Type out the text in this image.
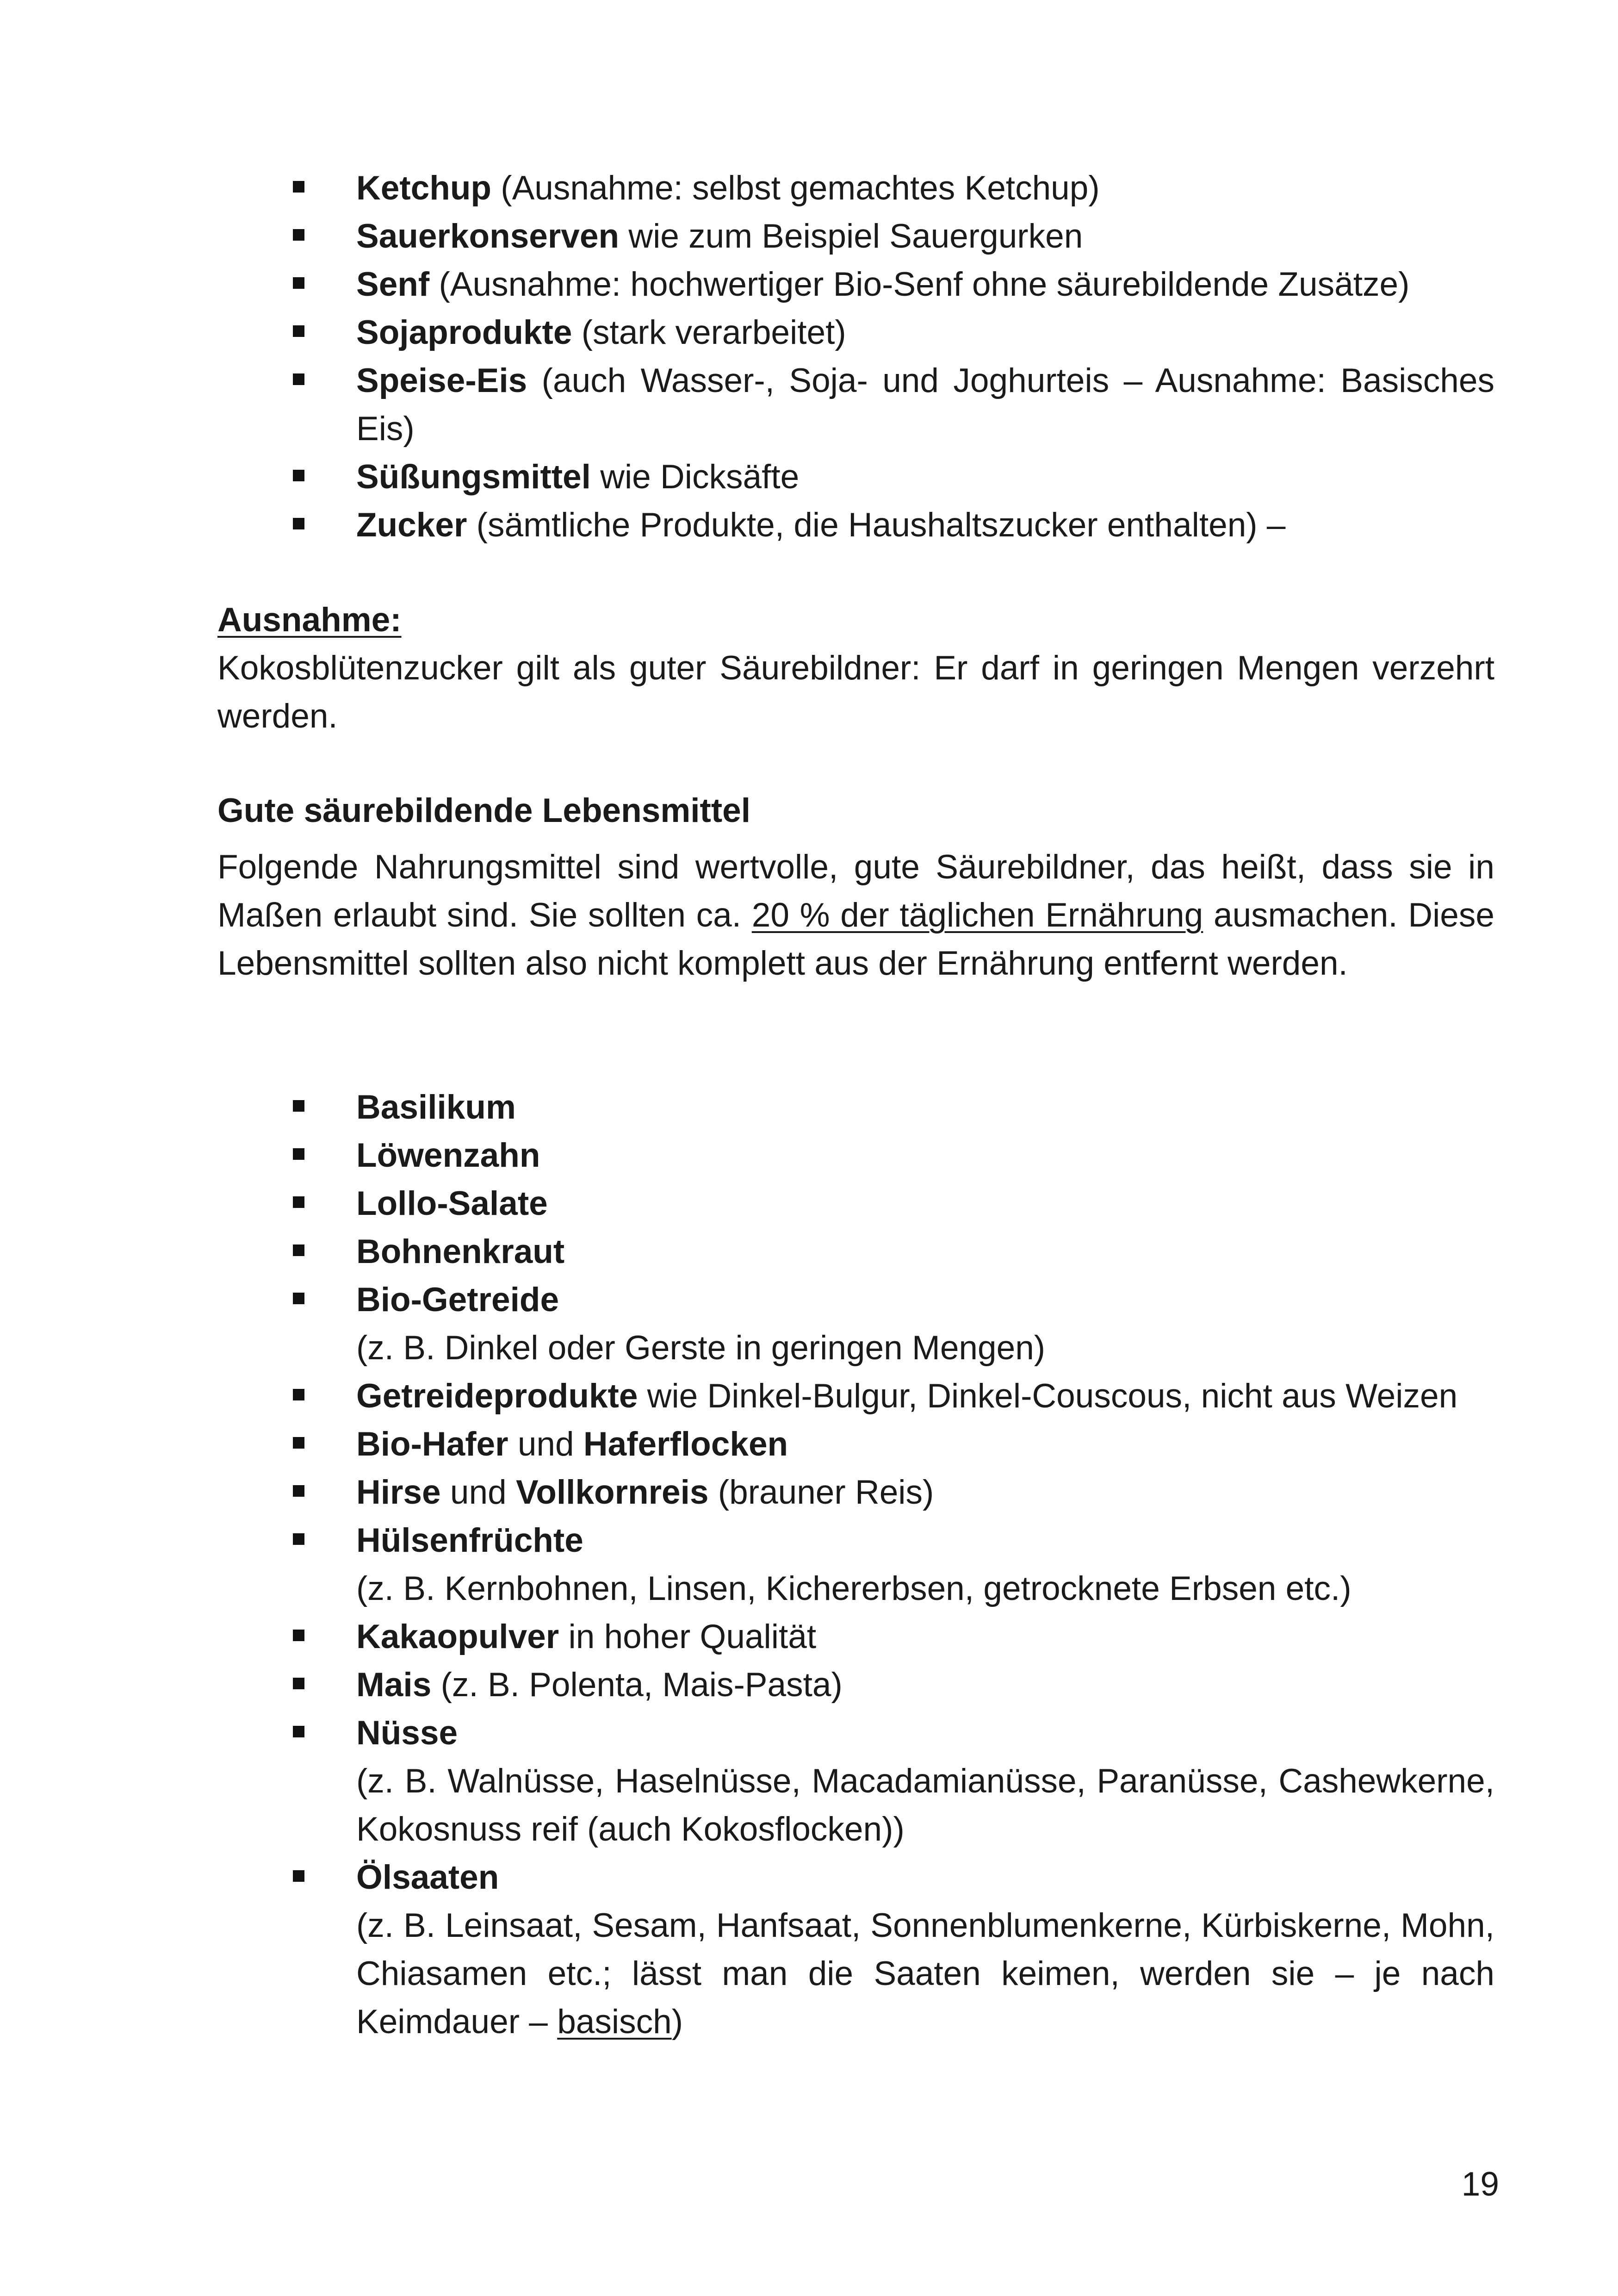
Ketchup (Ausnahme: selbst gemachtes Ketchup)
Sauerkonserven wie zum Beispiel Sauergurken
Senf (Ausnahme: hochwertiger Bio-Senf ohne säurebildende Zusätze)
Sojaprodukte (stark verarbeitet)
Speise-Eis (auch Wasser-, Soja- und Joghurteis – Ausnahme: Basisches Eis)
Süßungsmittel wie Dicksäfte
Zucker (sämtliche Produkte, die Haushaltszucker enthalten) –

Ausnahme:

Kokosblütenzucker gilt als guter Säurebildner: Er darf in geringen Mengen verzehrt werden.

Gute säurebildende Lebensmittel

Folgende Nahrungsmittel sind wertvolle, gute Säurebildner, das heißt, dass sie in Maßen erlaubt sind. Sie sollten ca. 20 % der täglichen Ernährung ausmachen. Diese Lebensmittel sollten also nicht komplett aus der Ernährung entfernt werden.

Basilikum
Löwenzahn
Lollo-Salate
Bohnenkraut
Bio-Getreide
(z. B. Dinkel oder Gerste in geringen Mengen)
Getreideprodukte wie Dinkel-Bulgur, Dinkel-Couscous, nicht aus Weizen
Bio-Hafer und Haferflocken
Hirse und Vollkornreis (brauner Reis)
Hülsenfrüchte
(z. B. Kernbohnen, Linsen, Kichererbsen, getrocknete Erbsen etc.)
Kakaopulver in hoher Qualität
Mais (z. B. Polenta, Mais-Pasta)
Nüsse
(z. B. Walnüsse, Haselnüsse, Macadamianüsse, Paranüsse, Cashewkerne, Kokosnuss reif (auch Kokosflocken))
Ölsaaten
(z. B. Leinsaat, Sesam, Hanfsaat, Sonnenblumenkerne, Kürbiskerne, Mohn, Chiasamen etc.; lässt man die Saaten keimen, werden sie – je nach Keimdauer – basisch)
19
